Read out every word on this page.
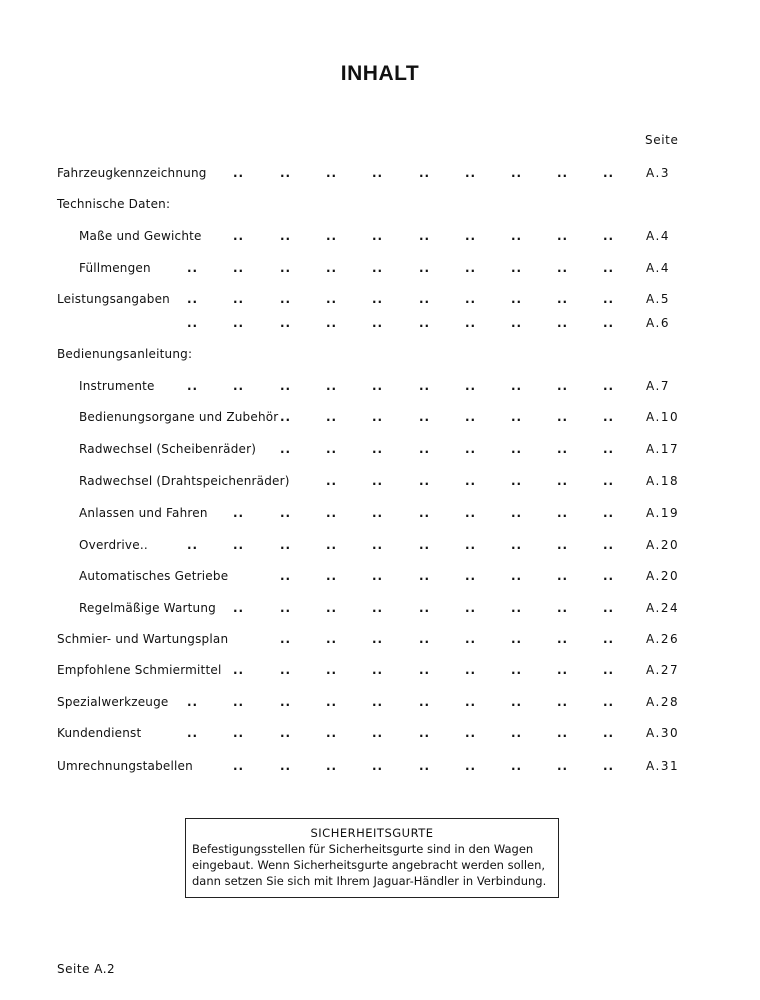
INHALT
Seite
Fahrzeugkennzeichnung ..	..	..	..	..	..	..	..	..	A.3
Technische Daten:
Maße und Gewichte	..	..	..	..	..	..	..	..	..	A.4
Füllmengen	..	..	..	..	..	..	..	..	..	..	A.4
Leistungsangaben ..	..	..	..	..	..	..	..	..	..	A.5
..	..	..	..	..	..	..	..	..	..	A.6
Bedienungsanleitung:
Instrumente	..	..	..	..	..	..	..	..	..	..	A.7
Bedienungsorgane und Zubehör ..	..	..	..	..	..	..	..	A.10
Radwechsel (Scheibenräder) ..	..	..	..	..	..	..	..	A.17
Radwechsel (Drahtspeichenräder)	..	..	..	..	..	..	..	A.18
Anlassen und Fahren ..	..	..	..	..	..	..	..	..	A.19
Overdrive..	..	..	..	..	..	..	..	..	..	..	A.20
Automatisches Getriebe	..	..	..	..	..	..	..	..	A.20
Regelmäßige Wartung ..	..	..	..	..	..	..	..	..	A.24
Schmier- und Wartungsplan	..	..	..	..	..	..	..	..	A.26
Empfohlene Schmiermittel ..	..	..	..	..	..	..	..	..	A.27
Spezialwerkzeuge ..	..	..	..	..	..	..	..	..	..	A.28
Kundendienst	..	..	..	..	..	..	..	..	..	..	A.30
Umrechnungstabellen	..	..	..	..	..	..	..	..	..	A.31
SICHERHEITSGURTE
Befestigungsstellen für Sicherheitsgurte sind in den Wagen
eingebaut. Wenn Sicherheitsgurte angebracht werden sollen,
dann setzen Sie sich mit Ihrem Jaguar-Händler in Verbindung.
Seite A.2
